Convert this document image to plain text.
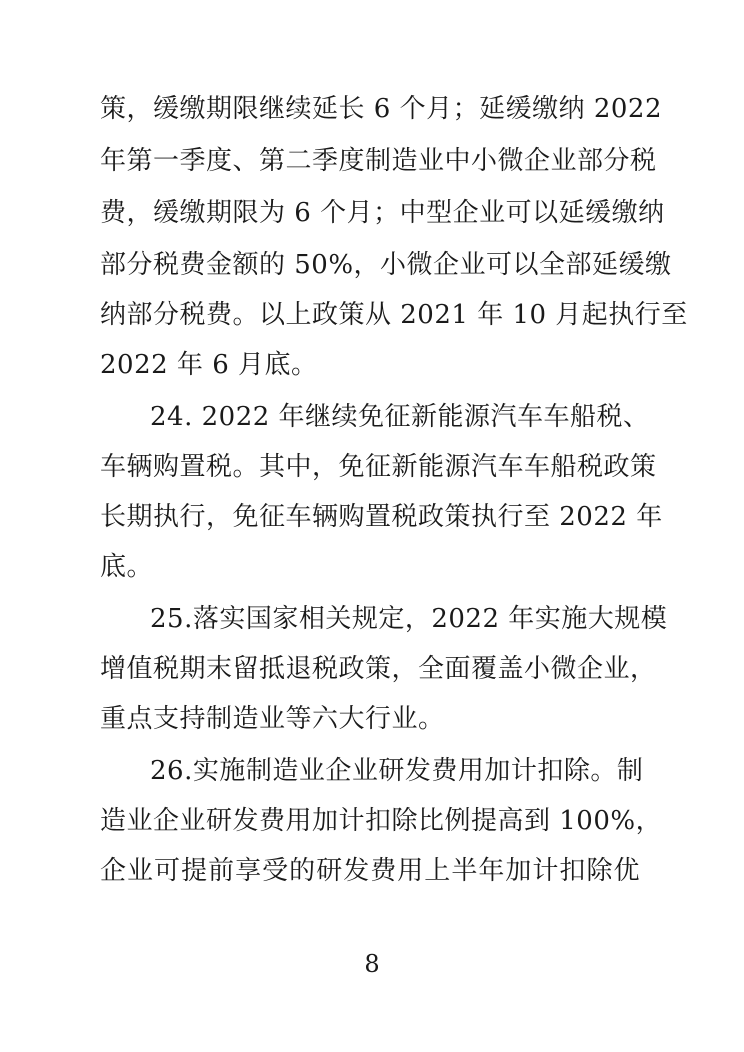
策，缓缴期限继续延长 6 个月；延缓缴纳 2022
年第一季度、第二季度制造业中小微企业部分税
费，缓缴期限为 6 个月；中型企业可以延缓缴纳
部分税费金额的 50%，小微企业可以全部延缓缴
纳部分税费。以上政策从 2021 年 10 月起执行至
2022 年 6 月底。
24. 2022 年继续免征新能源汽车车船税、
车辆购置税。其中，免征新能源汽车车船税政策
长期执行，免征车辆购置税政策执行至 2022 年
底。
25.落实国家相关规定，2022 年实施大规模
增值税期末留抵退税政策，全面覆盖小微企业，
重点支持制造业等六大行业。
26.实施制造业企业研发费用加计扣除。制
造业企业研发费用加计扣除比例提高到 100%，
企业可提前享受的研发费用上半年加计扣除优
8
